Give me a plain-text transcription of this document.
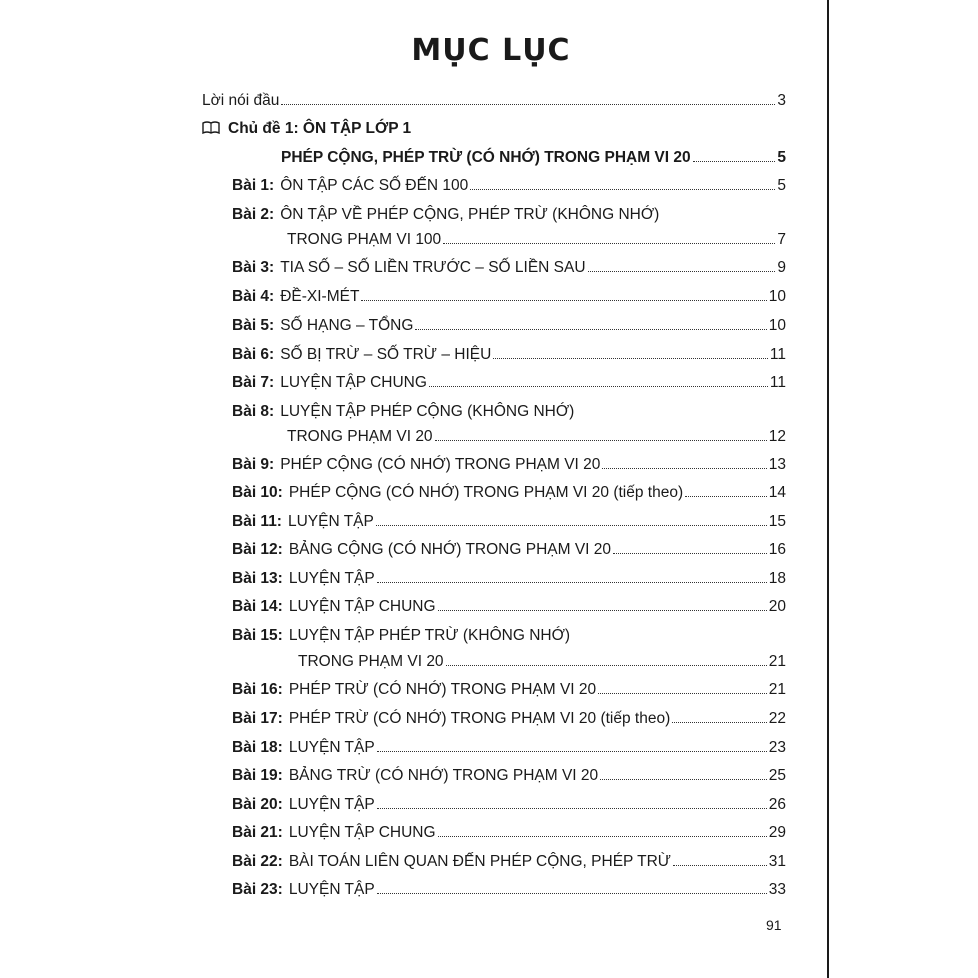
MỤC LỤC
Lời nói đầu	3
Chủ đề 1: ÔN TẬP LỚP 1
PHÉP CỘNG, PHÉP TRỪ (CÓ NHỚ) TRONG PHẠM VI 20	5
Bài 1: ÔN TẬP CÁC SỐ ĐẾN 100	5
Bài 2: ÔN TẬP VỀ PHÉP CỘNG, PHÉP TRỪ (KHÔNG NHỚ)
TRONG PHẠM VI 100	7
Bài 3: TIA SỐ – SỐ LIỀN TRƯỚC – SỐ LIỀN SAU	9
Bài 4: ĐỀ-XI-MÉT	10
Bài 5: SỐ HẠNG – TỔNG	10
Bài 6: SỐ BỊ TRỪ – SỐ TRỪ – HIỆU	11
Bài 7: LUYỆN TẬP CHUNG	11
Bài 8: LUYỆN TẬP PHÉP CỘNG (KHÔNG NHỚ)
TRONG PHẠM VI 20	12
Bài 9: PHÉP CỘNG (CÓ NHỚ) TRONG PHẠM VI 20	13
Bài 10: PHÉP CỘNG (CÓ NHỚ) TRONG PHẠM VI 20 (tiếp theo)	14
Bài 11: LUYỆN TẬP	15
Bài 12: BẢNG CỘNG (CÓ NHỚ) TRONG PHẠM VI 20	16
Bài 13: LUYỆN TẬP	18
Bài 14: LUYỆN TẬP CHUNG	20
Bài 15: LUYỆN TẬP PHÉP TRỪ (KHÔNG NHỚ)
TRONG PHẠM VI 20	21
Bài 16: PHÉP TRỪ (CÓ NHỚ) TRONG PHẠM VI 20	21
Bài 17: PHÉP TRỪ (CÓ NHỚ) TRONG PHẠM VI 20 (tiếp theo)	22
Bài 18: LUYỆN TẬP	23
Bài 19: BẢNG TRỪ (CÓ NHỚ) TRONG PHẠM VI 20	25
Bài 20: LUYỆN TẬP	26
Bài 21: LUYỆN TẬP CHUNG	29
Bài 22: BÀI TOÁN LIÊN QUAN ĐẾN PHÉP CỘNG, PHÉP TRỪ	31
Bài 23: LUYỆN TẬP	33
91
